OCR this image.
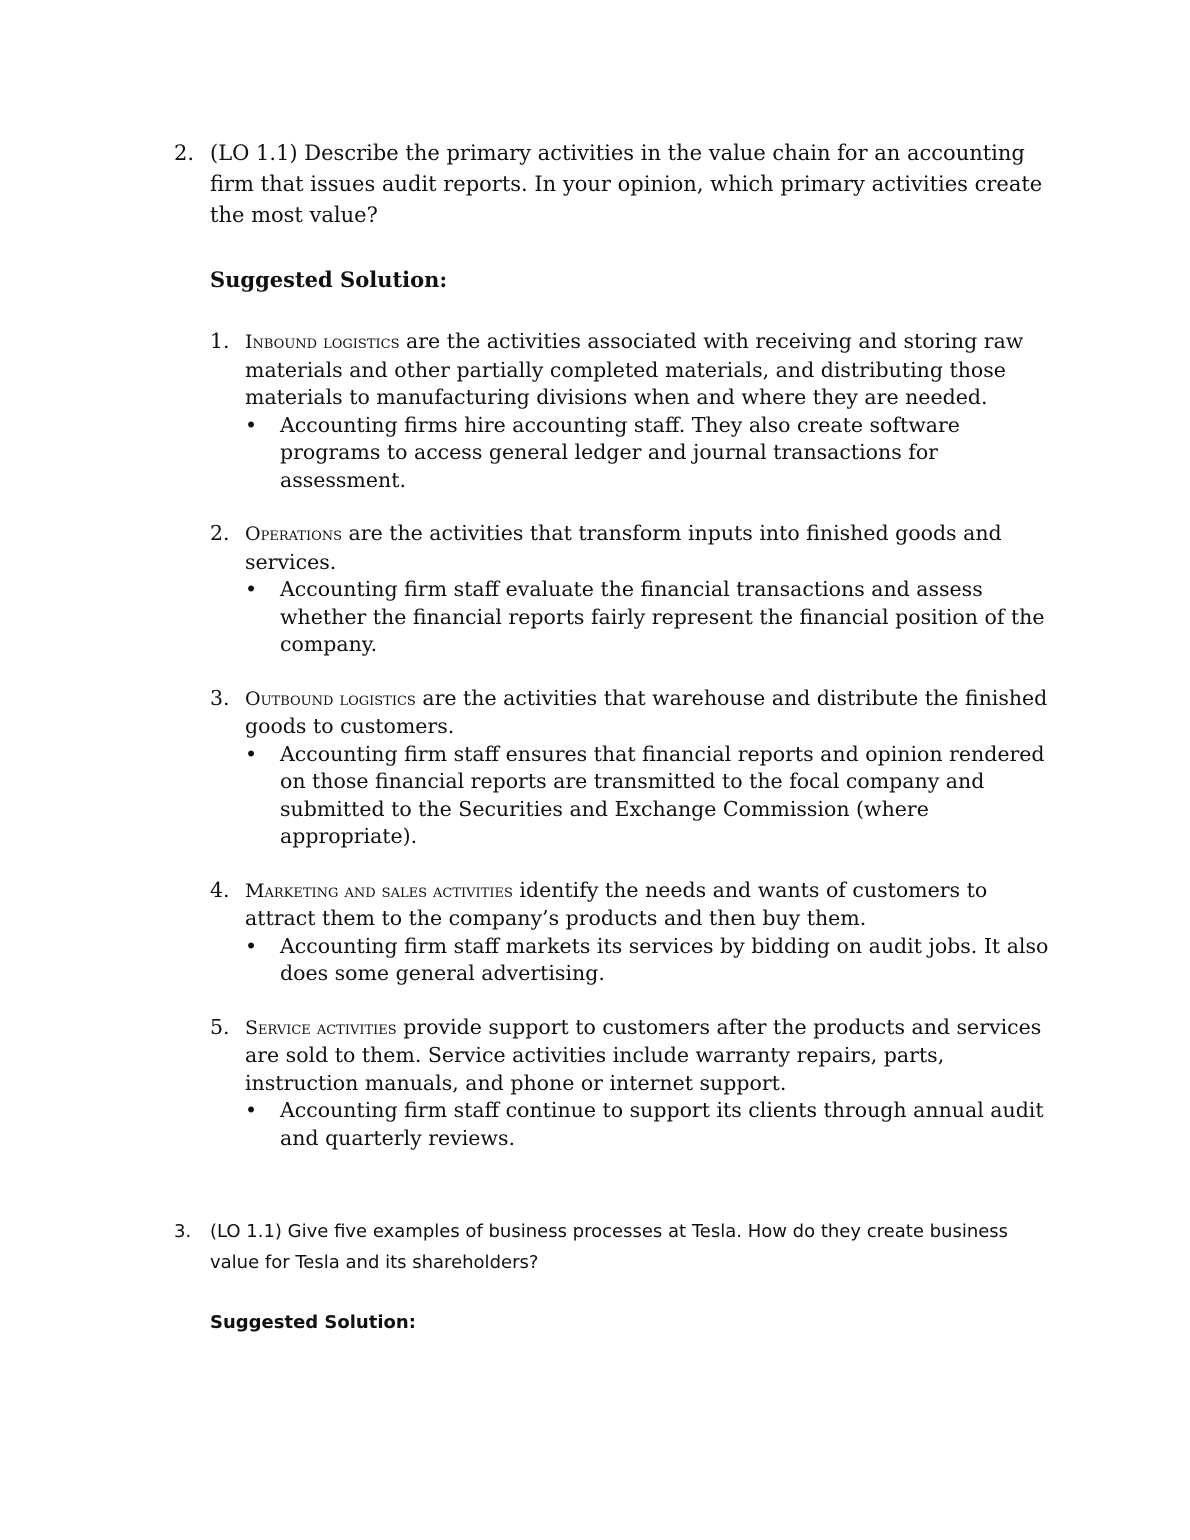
2. (LO 1.1) Describe the primary activities in the value chain for an accounting firm that issues audit reports. In your opinion, which primary activities create the most value?
Suggested Solution:
1. Inbound logistics are the activities associated with receiving and storing raw materials and other partially completed materials, and distributing those materials to manufacturing divisions when and where they are needed.
• Accounting firms hire accounting staff. They also create software programs to access general ledger and journal transactions for assessment.
2. Operations are the activities that transform inputs into finished goods and services.
• Accounting firm staff evaluate the financial transactions and assess whether the financial reports fairly represent the financial position of the company.
3. Outbound logistics are the activities that warehouse and distribute the finished goods to customers.
• Accounting firm staff ensures that financial reports and opinion rendered on those financial reports are transmitted to the focal company and submitted to the Securities and Exchange Commission (where appropriate).
4. Marketing and sales activities identify the needs and wants of customers to attract them to the company’s products and then buy them.
• Accounting firm staff markets its services by bidding on audit jobs. It also does some general advertising.
5. Service activities provide support to customers after the products and services are sold to them. Service activities include warranty repairs, parts, instruction manuals, and phone or internet support.
• Accounting firm staff continue to support its clients through annual audit and quarterly reviews.
3. (LO 1.1) Give five examples of business processes at Tesla. How do they create business value for Tesla and its shareholders?
Suggested Solution:
